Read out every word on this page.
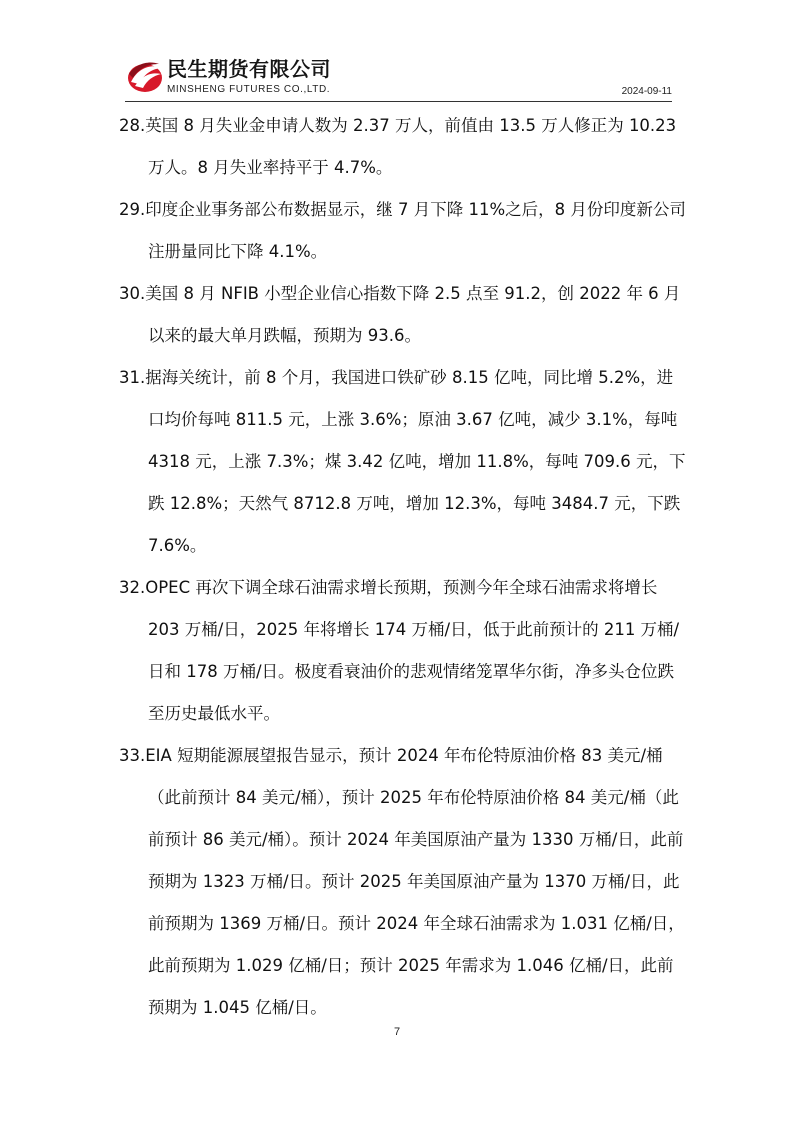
民生期货有限公司
MINSHENG FUTURES CO.,LTD.	2024-09-11
28.英国 8 月失业金申请人数为 2.37 万人，前值由 13.5 万人修正为 10.23 万人。8 月失业率持平于 4.7%。
29.印度企业事务部公布数据显示，继 7 月下降 11%之后，8 月份印度新公司注册量同比下降 4.1%。
30.美国 8 月 NFIB 小型企业信心指数下降 2.5 点至 91.2，创 2022 年 6 月以来的最大单月跌幅，预期为 93.6。
31.据海关统计，前 8 个月，我国进口铁矿砂 8.15 亿吨，同比增 5.2%，进口均价每吨 811.5 元，上涨 3.6%；原油 3.67 亿吨，减少 3.1%，每吨 4318 元，上涨 7.3%；煤 3.42 亿吨，增加 11.8%，每吨 709.6 元，下跌 12.8%；天然气 8712.8 万吨，增加 12.3%，每吨 3484.7 元，下跌 7.6%。
32.OPEC 再次下调全球石油需求增长预期，预测今年全球石油需求将增长 203 万桶/日，2025 年将增长 174 万桶/日，低于此前预计的 211 万桶/日和 178 万桶/日。极度看衰油价的悲观情绪笼罩华尔街，净多头仓位跌至历史最低水平。
33.EIA 短期能源展望报告显示，预计 2024 年布伦特原油价格 83 美元/桶（此前预计 84 美元/桶），预计 2025 年布伦特原油价格 84 美元/桶（此前预计 86 美元/桶）。预计 2024 年美国原油产量为 1330 万桶/日，此前预期为 1323 万桶/日。预计 2025 年美国原油产量为 1370 万桶/日，此前预期为 1369 万桶/日。预计 2024 年全球石油需求为 1.031 亿桶/日，此前预期为 1.029 亿桶/日；预计 2025 年需求为 1.046 亿桶/日，此前预期为 1.045 亿桶/日。
7
